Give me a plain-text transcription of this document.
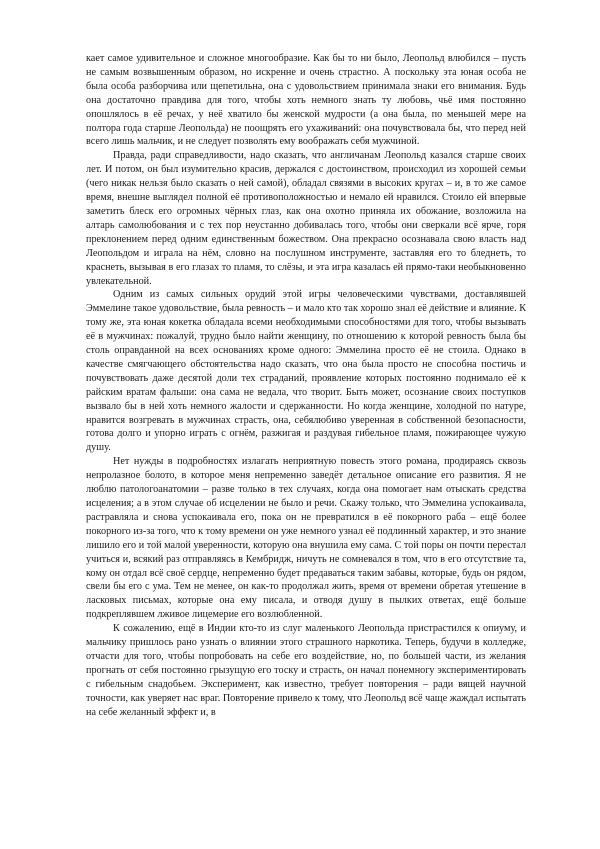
кает самое удивительное и сложное многообразие. Как бы то ни было, Леопольд влюбился – пусть не самым возвышенным образом, но искренне и очень страстно. А поскольку эта юная особа не была особа разборчива или щепетильна, она с удовольствием принимала знаки его внимания. Будь она достаточно правдива для того, чтобы хоть немного знать ту любовь, чьё имя постоянно опошлялось в её речах, у неё хватило бы женской мудрости (а она была, по меньшей мере на полтора года старше Леопольда) не поощрять его ухаживаний: она почувствовала бы, что перед ней всего лишь мальчик, и не следует позволять ему воображать себя мужчиной.

Правда, ради справедливости, надо сказать, что англичанам Леопольд казался старше своих лет. И потом, он был изумительно красив, держался с достоинством, происходил из хорошей семьи (чего никак нельзя было сказать о ней самой), обладал связями в высоких кругах – и, в то же самое время, внешне выглядел полной её противоположностью и немало ей нравился. Стоило ей впервые заметить блеск его огромных чёрных глаз, как она охотно приняла их обожание, возложила на алтарь самолюбования и с тех пор неустанно добивалась того, чтобы они сверкали всё ярче, горя преклонением перед одним единственным божеством. Она прекрасно осознавала свою власть над Леопольдом и играла на нём, словно на послушном инструменте, заставляя его то бледнеть, то краснеть, вызывая в его глазах то пламя, то слёзы, и эта игра казалась ей прямо-таки необыкновенно увлекательной.

Одним из самых сильных орудий этой игры человеческими чувствами, доставлявшей Эммелине такое удовольствие, была ревность – и мало кто так хорошо знал её действие и влияние. К тому же, эта юная кокетка обладала всеми необходимыми способностями для того, чтобы вызывать её в мужчинах: пожалуй, трудно было найти женщину, по отношению к которой ревность была бы столь оправданной на всех основаниях кроме одного: Эммелина просто её не стоила. Однако в качестве смягчающего обстоятельства надо сказать, что она была просто не способна постичь и почувствовать даже десятой доли тех страданий, проявление которых постоянно поднимало её к райским вратам фальши: она сама не ведала, что творит. Быть может, осознание своих поступков вызвало бы в ней хоть немного жалости и сдержанности. Но когда женщине, холодной по натуре, нравится возгревать в мужчинах страсть, она, себялюбиво уверенная в собственной безопасности, готова долго и упорно играть с огнём, разжигая и раздувая гибельное пламя, пожирающее чужую душу.

Нет нужды в подробностях излагать неприятную повесть этого романа, продираясь сквозь непролазное болото, в которое меня непременно заведёт детальное описание его развития. Я не люблю патологоанатомии – разве только в тех случаях, когда она помогает нам отыскать средства исцеления; а в этом случае об исцелении не было и речи. Скажу только, что Эммелина успокаивала, растравляла и снова успокаивала его, пока он не превратился в её покорного раба – ещё более покорного из-за того, что к тому времени он уже немного узнал её подлинный характер, и это знание лишило его и той малой уверенности, которую она внушила ему сама. С той поры он почти перестал учиться и, всякий раз отправляясь в Кембридж, ничуть не сомневался в том, что в его отсутствие та, кому он отдал всё своё сердце, непременно будет предаваться таким забавы, которые, будь он рядом, свели бы его с ума. Тем не менее, он как-то продолжал жить, время от времени обретая утешение в ласковых письмах, которые она ему писала, и отводя душу в пылких ответах, ещё больше подкреплявшем лживое лицемерие его возлюбленной.

К сожалению, ещё в Индии кто-то из слуг маленького Леопольда пристрастился к опиуму, и мальчику пришлось рано узнать о влиянии этого страшного наркотика. Теперь, будучи в колледже, отчасти для того, чтобы попробовать на себе его воздействие, но, по большей части, из желания прогнать от себя постоянно грызущую его тоску и страсть, он начал понемногу экспериментировать с гибельным снадобьем. Эксперимент, как известно, требует повторения – ради вящей научной точности, как уверяет нас враг. Повторение привело к тому, что Леопольд всё чаще жаждал испытать на себе желанный эффект и, в
